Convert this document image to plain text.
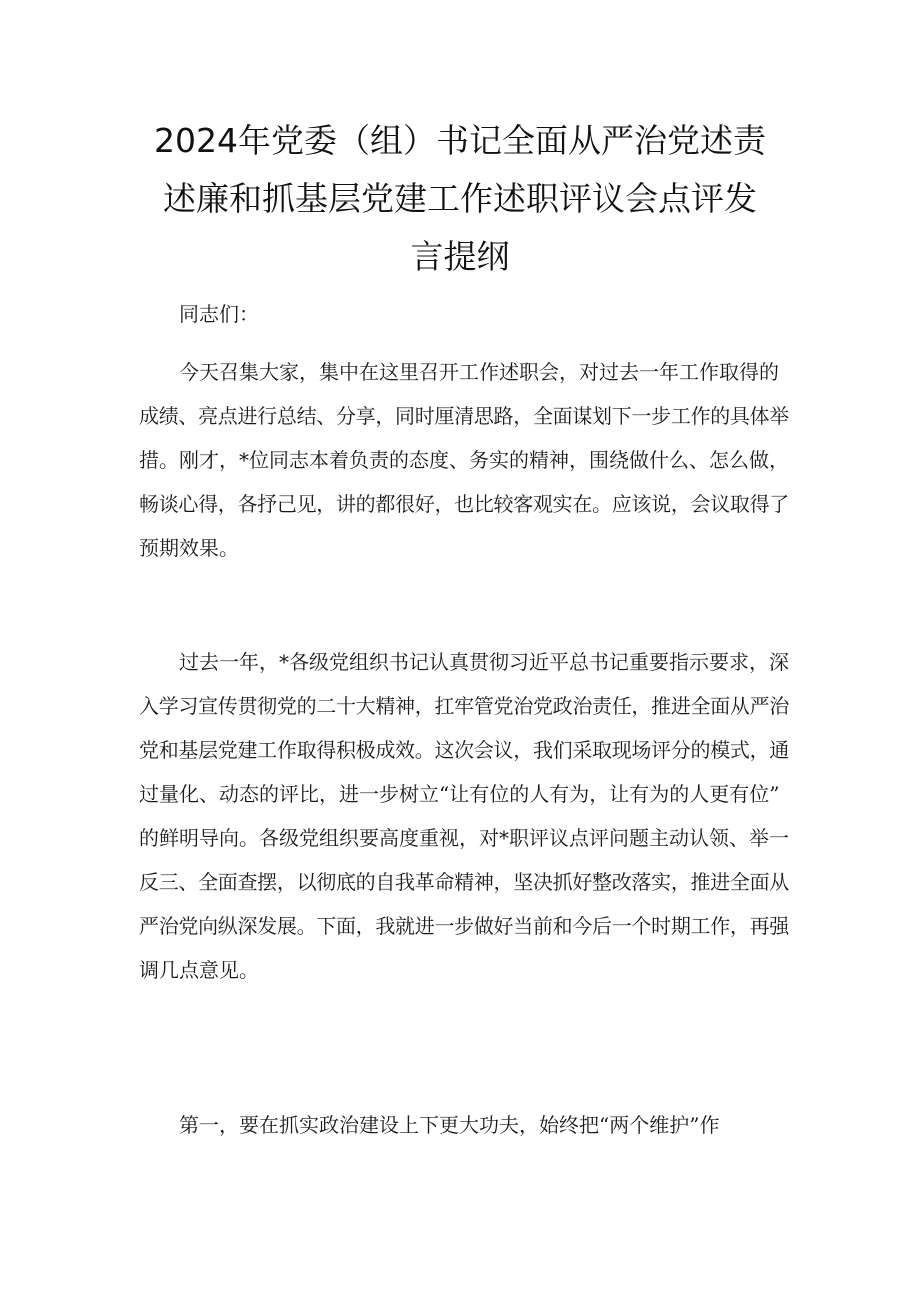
2024年党委（组）书记全面从严治党述责
述廉和抓基层党建工作述职评议会点评发
言提纲

同志们：

今天召集大家，集中在这里召开工作述职会，对过去一年工作取得的
成绩、亮点进行总结、分享，同时厘清思路，全面谋划下一步工作的具体举
措。刚才，*位同志本着负责的态度、务实的精神，围绕做什么、怎么做，
畅谈心得，各抒己见，讲的都很好，也比较客观实在。应该说，会议取得了
预期效果。

过去一年，*各级党组织书记认真贯彻习近平总书记重要指示要求，深
入学习宣传贯彻党的二十大精神，扛牢管党治党政治责任，推进全面从严治
党和基层党建工作取得积极成效。这次会议，我们采取现场评分的模式，通
过量化、动态的评比，进一步树立“让有位的人有为，让有为的人更有位”
的鲜明导向。各级党组织要高度重视，对*职评议点评问题主动认领、举一
反三、全面查摆，以彻底的自我革命精神，坚决抓好整改落实，推进全面从
严治党向纵深发展。下面，我就进一步做好当前和今后一个时期工作，再强
调几点意见。

第一，要在抓实政治建设上下更大功夫，始终把“两个维护”作
